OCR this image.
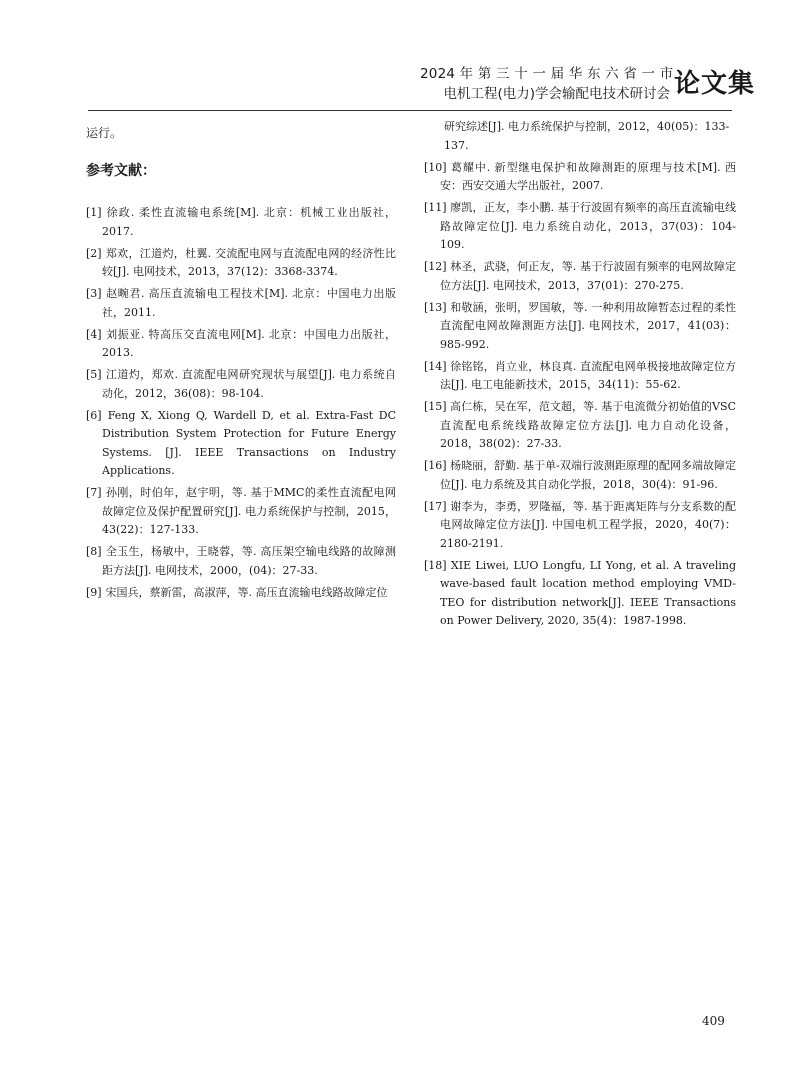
2024 年 第 三 十 一 届 华 东 六 省 一 市
电机工程(电力)学会输配电技术研讨会 论文集

运行。

参考文献：

[1] 徐政. 柔性直流输电系统[M]. 北京：机械工业出版社，2017.

[2] 郑欢，江道灼，杜翼. 交流配电网与直流配电网的经济性比较[J]. 电网技术，2013，37(12)：3368-3374.

[3] 赵畹君. 高压直流输电工程技术[M]. 北京：中国电力出版社，2011.

[4] 刘振亚. 特高压交直流电网[M]. 北京：中国电力出版社，2013.

[5] 江道灼，郑欢. 直流配电网研究现状与展望[J]. 电力系统自动化，2012，36(08)：98-104.

[6] Feng X, Xiong Q, Wardell D, et al. Extra-Fast DC Distribution System Protection for Future Energy Systems. [J]. IEEE Transactions on Industry Applications.

[7] 孙刚，时伯年，赵宇明，等. 基于MMC的柔性直流配电网故障定位及保护配置研究[J]. 电力系统保护与控制，2015，43(22)：127-133.

[8] 全玉生，杨敏中，王晓蓉，等. 高压架空输电线路的故障测距方法[J]. 电网技术，2000，(04)：27-33.

[9] 宋国兵，蔡新雷，高淑萍，等. 高压直流输电线路故障定位

研究综述[J]. 电力系统保护与控制，2012，40(05)：133-137.

[10] 葛耀中. 新型继电保护和故障测距的原理与技术[M]. 西安：西安交通大学出版社，2007.

[11] 廖凯，正友，李小鹏. 基于行波固有频率的高压直流输电线路故障定位[J]. 电力系统自动化，2013，37(03)：104-109.

[12] 林圣，武骁，何正友，等. 基于行波固有频率的电网故障定位方法[J]. 电网技术，2013，37(01)：270-275.

[13] 和敬涵，张明，罗国敏，等. 一种利用故障暂态过程的柔性直流配电网故障测距方法[J]. 电网技术，2017，41(03)：985-992.

[14] 徐铭铭，肖立业，林良真. 直流配电网单极接地故障定位方法[J]. 电工电能新技术，2015，34(11)：55-62.

[15] 高仁栋，吴在军，范文超，等. 基于电流微分初始值的VSC直流配电系统线路故障定位方法[J]. 电力自动化设备，2018，38(02)：27-33.

[16] 杨晓丽，舒勤. 基于单-双端行波测距原理的配网多端故障定位[J]. 电力系统及其自动化学报，2018，30(4)：91-96.

[17] 谢李为，李勇，罗隆福，等. 基于距离矩阵与分支系数的配电网故障定位方法[J]. 中国电机工程学报，2020，40(7)：2180-2191.

[18] XIE Liwei, LUO Longfu, LI Yong, et al. A traveling wave-based fault location method employing VMD-TEO for distribution network[J]. IEEE Transactions on Power Delivery, 2020, 35(4)：1987-1998.

409
